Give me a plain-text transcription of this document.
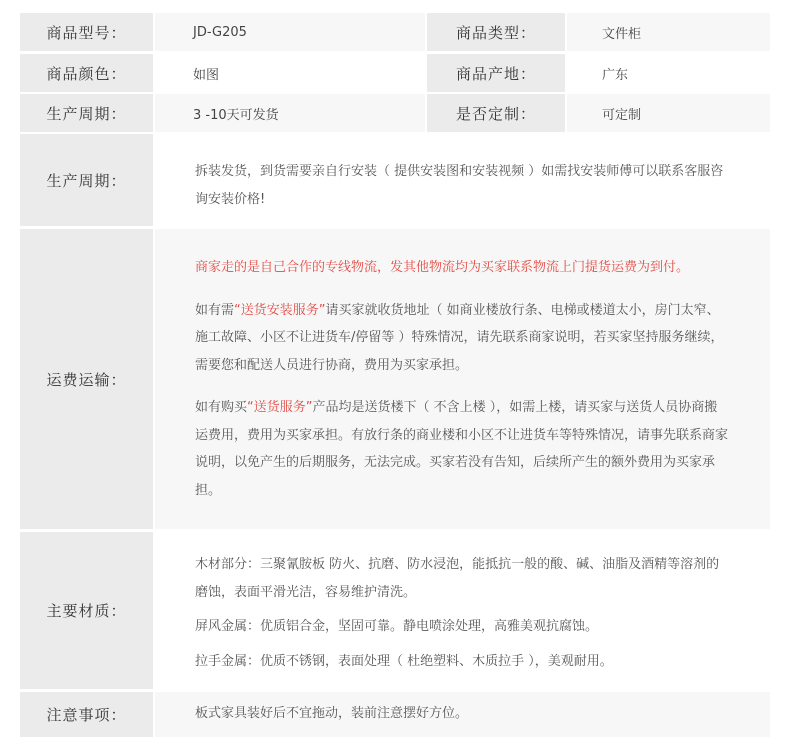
商品型号：	JD-G205	商品类型：	文件柜
商品颜色：	如图	商品产地：	广东
生产周期：	3 -10天可发货	是否定制：	可定制
生产周期：	拆装发货，到货需要亲自行安装（ 提供安装图和安装视频 ）如需找安装师傅可以联系客服咨询安装价格!

运费运输：

商家走的是自己合作的专线物流，发其他物流均为买家联系物流上门提货运费为到付。

如有需“送货安装服务”请买家就收货地址（ 如商业楼放行条、电梯或楼道太小，房门太窄、施工故障、小区不让进货车/停留等 ）特殊情况，请先联系商家说明，若买家坚持服务继续，需要您和配送人员进行协商，费用为买家承担。

如有购买“送货服务”产品均是送货楼下（ 不含上楼 ），如需上楼，请买家与送货人员协商搬运费用，费用为买家承担。有放行条的商业楼和小区不让进货车等特殊情况，请事先联系商家说明，以免产生的后期服务，无法完成。买家若没有告知，后续所产生的额外费用为买家承担。

主要材质：

木材部分：三聚氰胺板 防火、抗磨、防水浸泡，能抵抗一般的酸、碱、油脂及酒精等溶剂的磨蚀，表面平滑光洁，容易维护清洗。

屏风金属：优质铝合金，坚固可靠。静电喷涂处理，高雅美观抗腐蚀。

拉手金属：优质不锈钢，表面处理（ 杜绝塑料、木质拉手 ），美观耐用。

注意事项：	板式家具装好后不宜拖动，装前注意摆好方位。
